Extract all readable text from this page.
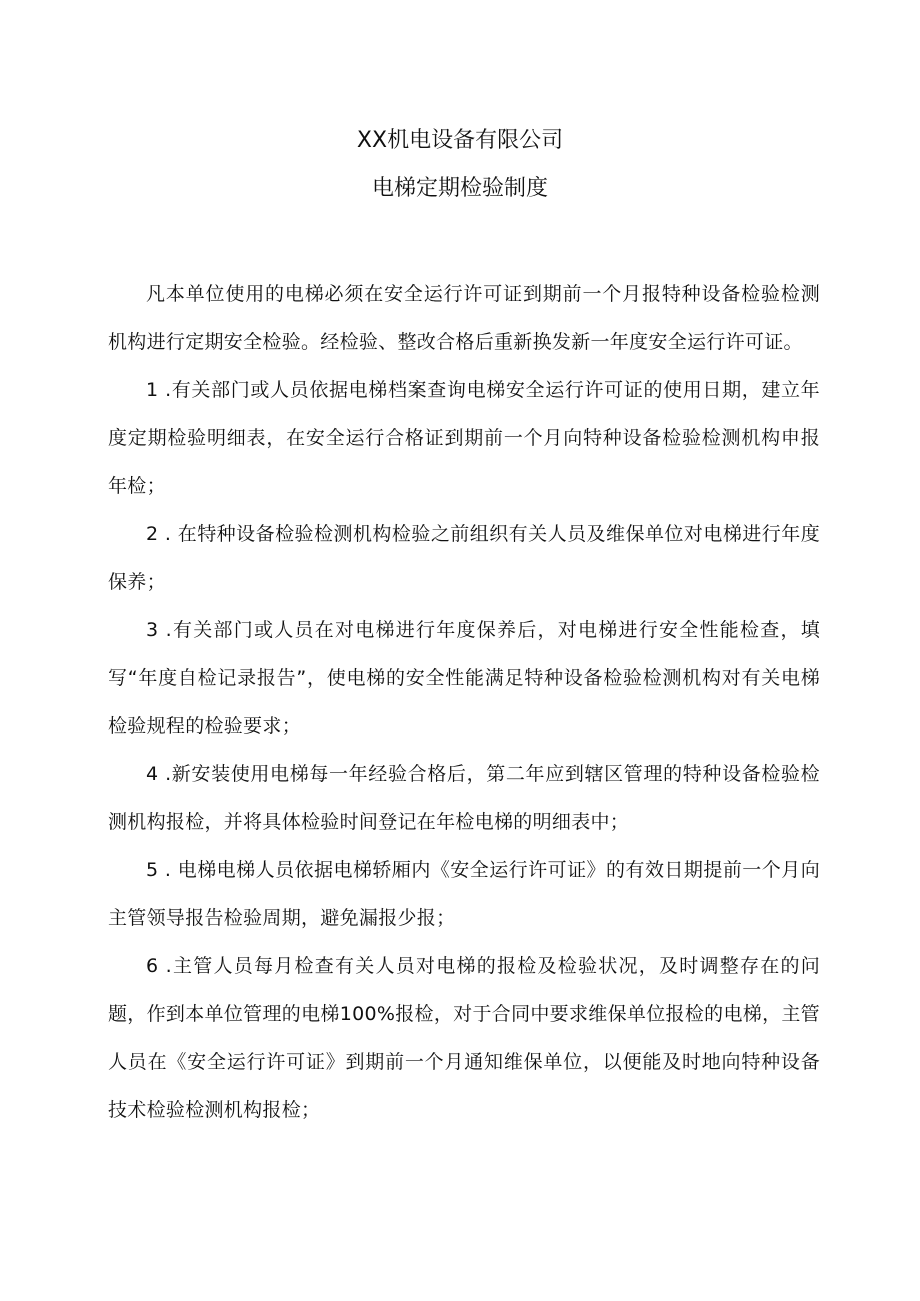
XX机电设备有限公司
电梯定期检验制度

凡本单位使用的电梯必须在安全运行许可证到期前一个月报特种设备检验检测机构进行定期安全检验。经检验、整改合格后重新换发新一年度安全运行许可证。

1 .有关部门或人员依据电梯档案查询电梯安全运行许可证的使用日期，建立年度定期检验明细表，在安全运行合格证到期前一个月向特种设备检验检测机构申报年检；

2 . 在特种设备检验检测机构检验之前组织有关人员及维保单位对电梯进行年度保养；

3 .有关部门或人员在对电梯进行年度保养后，对电梯进行安全性能检查，填写“年度自检记录报告”，使电梯的安全性能满足特种设备检验检测机构对有关电梯检验规程的检验要求；

4 .新安装使用电梯每一年经验合格后，第二年应到辖区管理的特种设备检验检测机构报检，并将具体检验时间登记在年检电梯的明细表中；

5 . 电梯电梯人员依据电梯轿厢内《安全运行许可证》的有效日期提前一个月向主管领导报告检验周期，避免漏报少报；

6 .主管人员每月检查有关人员对电梯的报检及检验状况，及时调整存在的问题，作到本单位管理的电梯100%报检，对于合同中要求维保单位报检的电梯，主管人员在《安全运行许可证》到期前一个月通知维保单位，以便能及时地向特种设备技术检验检测机构报检；
